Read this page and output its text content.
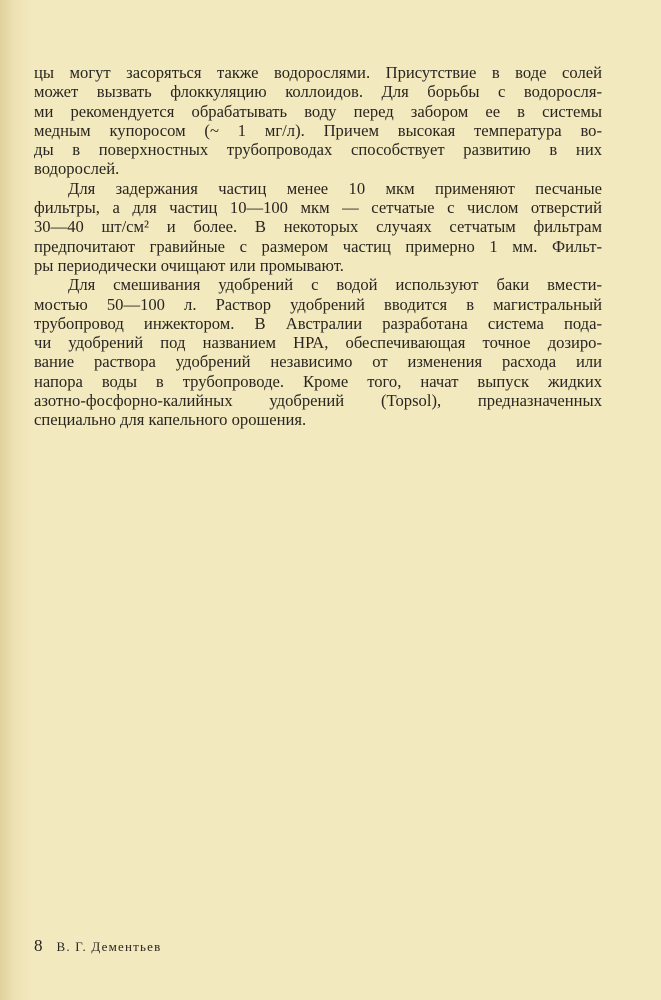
цы могут засоряться также водорослями. Присутствие в воде солей
может вызвать флоккуляцию коллоидов. Для борьбы с водоросля-
ми рекомендуется обрабатывать воду перед забором ее в системы
медным купоросом (~ 1 мг/л). Причем высокая температура во-
ды в поверхностных трубопроводах способствует развитию в них
водорослей.
Для задержания частиц менее 10 мкм применяют песчаные
фильтры, а для частиц 10—100 мкм — сетчатые с числом отверстий
30—40 шт/см² и более. В некоторых случаях сетчатым фильтрам
предпочитают гравийные с размером частиц примерно 1 мм. Фильт-
ры периодически очищают или промывают.
Для смешивания удобрений с водой используют баки вмести-
мостью 50—100 л. Раствор удобрений вводится в магистральный
трубопровод инжектором. В Австралии разработана система пода-
чи удобрений под названием НРА, обеспечивающая точное дозиро-
вание раствора удобрений независимо от изменения расхода или
напора воды в трубопроводе. Кроме того, начат выпуск жидких
азотно-фосфорно-калийных удобрений (Topsol), предназначенных
специально для капельного орошения.
8 В. Г. Дементьев
